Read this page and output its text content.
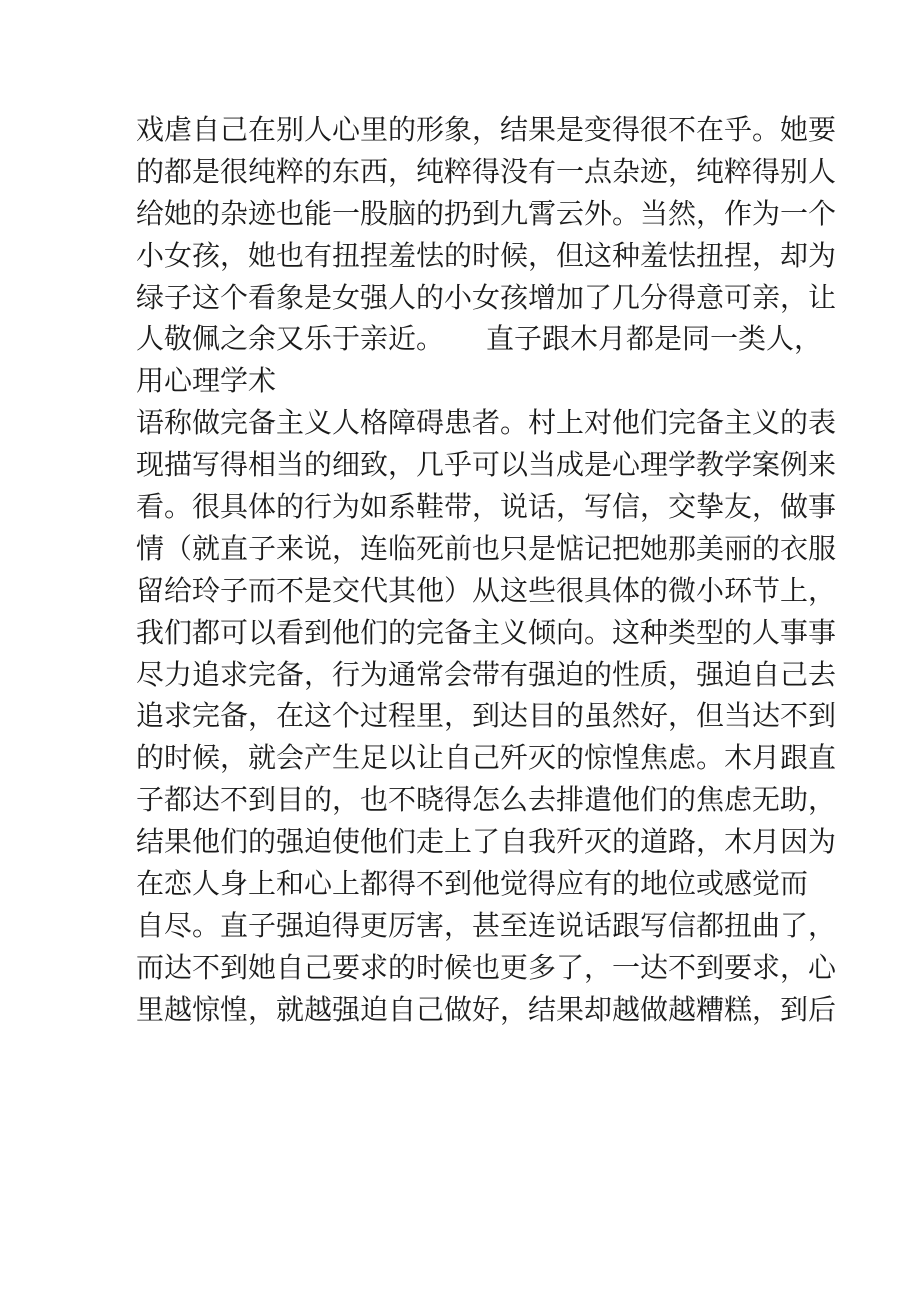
戏虐自己在别人心里的形象，结果是变得很不在乎。她要
的都是很纯粹的东西，纯粹得没有一点杂迹，纯粹得别人
给她的杂迹也能一股脑的扔到九霄云外。当然，作为一个
小女孩，她也有扭捏羞怯的时候，但这种羞怯扭捏，却为
绿子这个看象是女强人的小女孩增加了几分得意可亲，让
人敬佩之余又乐于亲近。　　直子跟木月都是同一类人，
用心理学术
语称做完备主义人格障碍患者。村上对他们完备主义的表
现描写得相当的细致，几乎可以当成是心理学教学案例来
看。很具体的行为如系鞋带，说话，写信，交挚友，做事
情（就直子来说，连临死前也只是惦记把她那美丽的衣服
留给玲子而不是交代其他）从这些很具体的微小环节上，
我们都可以看到他们的完备主义倾向。这种类型的人事事
尽力追求完备，行为通常会带有强迫的性质，强迫自己去
追求完备，在这个过程里，到达目的虽然好，但当达不到
的时候，就会产生足以让自己歼灭的惊惶焦虑。木月跟直
子都达不到目的，也不晓得怎么去排遣他们的焦虑无助，
结果他们的强迫使他们走上了自我歼灭的道路，木月因为
在恋人身上和心上都得不到他觉得应有的地位或感觉而
自尽。直子强迫得更厉害，甚至连说话跟写信都扭曲了，
而达不到她自己要求的时候也更多了，一达不到要求，心
里越惊惶，就越强迫自己做好，结果却越做越糟糕，到后
